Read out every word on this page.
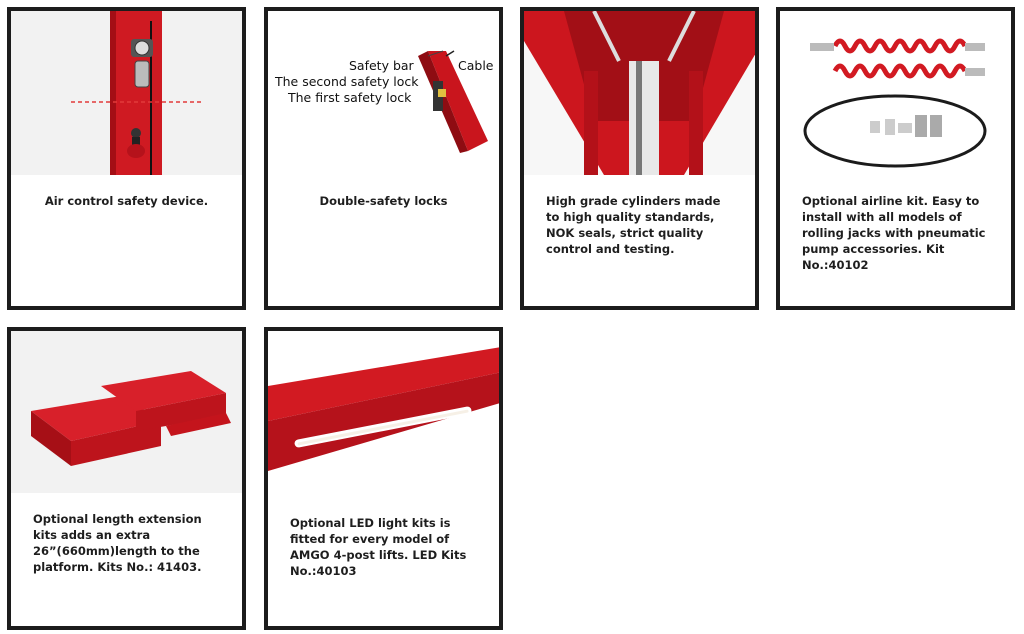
Air control safety device.
Safety bar	Cable
The second safety lock
The first safety lock
Double-safety locks	High grade cylinders made to high quality standards, NOK seals, strict quality control and testing.
Optional airline kit. Easy to install with all models of rolling jacks with pneumatic pump accessories. Kit No.:40102
Optional length extension kits adds an extra 26”(660mm)length to the platform. Kits No.: 41403.
Optional LED light kits is fitted for every model of AMGO 4-post lifts. LED Kits No.:40103
